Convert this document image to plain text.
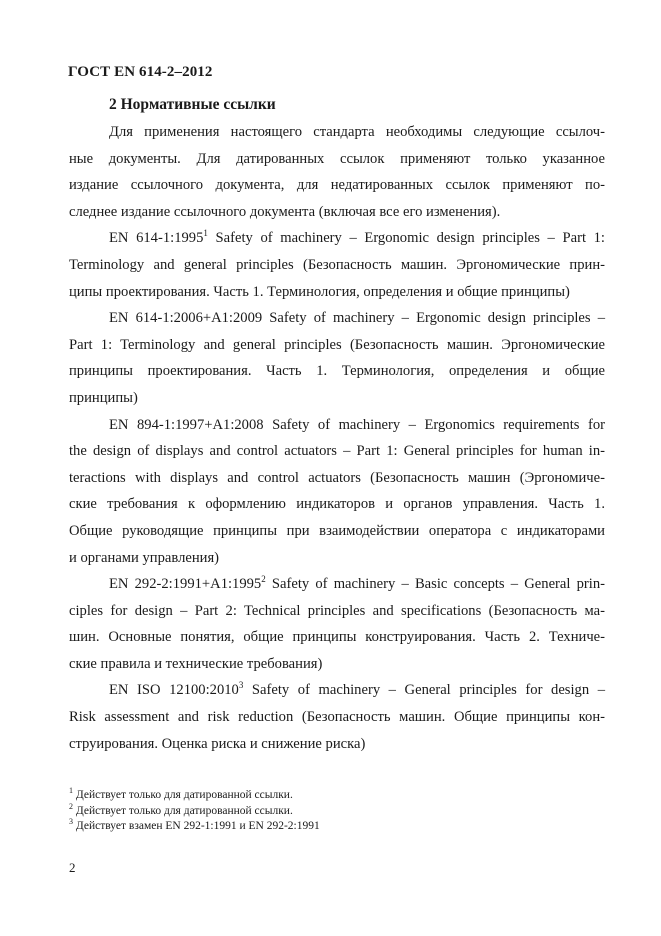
ГОСТ EN 614-2–2012
2 Нормативные ссылки
Для применения настоящего стандарта необходимы следующие ссылоч-
ные документы. Для датированных ссылок применяют только указанное
издание ссылочного документа, для недатированных ссылок применяют по-
следнее издание ссылочного документа (включая все его изменения).
EN 614-1:1995$^1$ Safety of machinery – Ergonomic design principles – Part 1:
Terminology and general principles (Безопасность машин. Эргономические прин-
ципы проектирования. Часть 1. Терминология, определения и общие принципы)
EN 614-1:2006+A1:2009 Safety of machinery – Ergonomic design principles –
Part 1: Terminology and general principles (Безопасность машин. Эргономические
принципы проектирования. Часть 1. Терминология, определения и общие
принципы)
EN 894-1:1997+A1:2008 Safety of machinery – Ergonomics requirements for
the design of displays and control actuators – Part 1: General principles for human in-
teractions with displays and control actuators (Безопасность машин (Эргономиче-
ские требования к оформлению индикаторов и органов управления. Часть 1.
Общие руководящие принципы при взаимодействии оператора с индикаторами
и органами управления)
EN $292-2:1991+A1:1995^2$ Safety of machinery – Basic concepts – General prin-
ciples for design – Part 2: Technical principles and specifications (Безопасность ма-
шин. Основные понятия, общие принципы конструирования. Часть 2. Техниче-
ские правила и технические требования)
EN ISO 12100:2010$^3$ Safety of machinery – General principles for design –
Risk assessment and risk reduction (Безопасность машин. Общие принципы кон-
струирования. Оценка риска и снижение риска)
$^1$ Действует только для датированной ссылки.
$^2$ Действует только для датированной ссылки.
$^3$ Действует взамен EN 292-1:1991 и EN 292-2:1991
2
